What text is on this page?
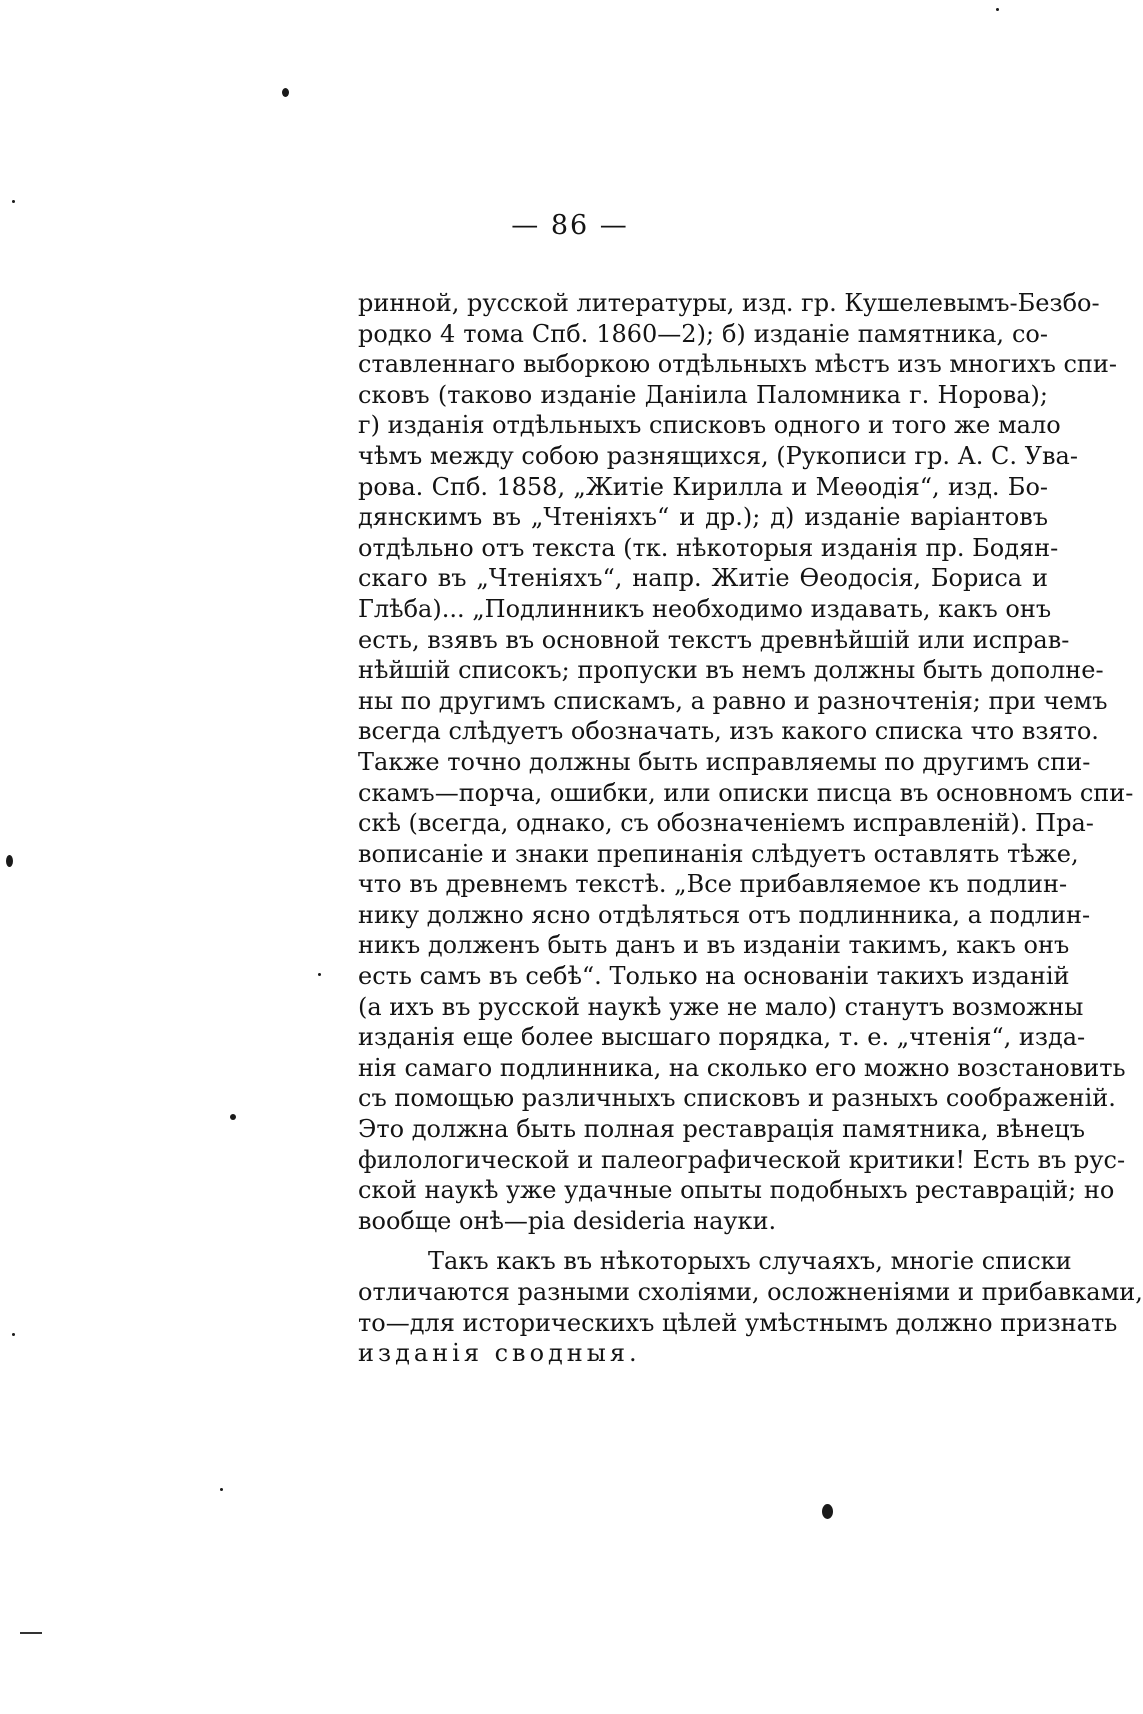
— 86 —
ринной, русской литературы, изд. гр. Кушелевымъ-Безбо-
родко 4 тома Спб. 1860—2); б) изданіе памятника, со-
ставленнаго выборкою отдѣльныхъ мѣстъ изъ многихъ спи-
сковъ (таково изданіе Даніила Паломника г. Норова);
г) изданія отдѣльныхъ списковъ одного и того же мало
чѣмъ между собою разнящихся, (Рукописи гр. А. С. Ува-
рова. Спб. 1858, „Житіе Кирилла и Меѳодія“, изд. Бо-
дянскимъ въ „Чтеніяхъ“ и др.); д) изданіе варіантовъ
отдѣльно отъ текста (тк. нѣкоторыя изданія пр. Бодян-
скаго въ „Чтеніяхъ“, напр. Житіе Ѳеодосія, Бориса и
Глѣба)... „Подлинникъ необходимо издавать, какъ онъ
есть, взявъ въ основной текстъ древнѣйшій или исправ-
нѣйшій списокъ; пропуски въ немъ должны быть дополне-
ны по другимъ спискамъ, а равно и разночтенія; при чемъ
всегда слѣдуетъ обозначать, изъ какого списка что взято.
Также точно должны быть исправляемы по другимъ спи-
скамъ—порча, ошибки, или описки писца въ основномъ спи-
скѣ (всегда, однако, съ обозначеніемъ исправленій). Пра-
вописаніе и знаки препинанія слѣдуетъ оставлять тѣже,
что въ древнемъ текстѣ. „Все прибавляемое къ подлин-
нику должно ясно отдѣляться отъ подлинника, а подлин-
никъ долженъ быть данъ и въ изданіи такимъ, какъ онъ
есть самъ въ себѣ“. Только на основаніи такихъ изданій
(а ихъ въ русской наукѣ уже не мало) станутъ возможны
изданія еще более высшаго порядка, т. е. „чтенія“, изда-
нія самаго подлинника, на сколько его можно возстановить
съ помощью различныхъ списковъ и разныхъ соображеній.
Это должна быть полная реставрація памятника, вѣнецъ
филологической и палеографической критики! Есть въ рус-
ской наукѣ уже удачные опыты подобныхъ реставрацій; но
вообще онѣ—pia desideria науки.
Такъ какъ въ нѣкоторыхъ случаяхъ, многіе списки
отличаются разными схоліями, осложненіями и прибавками,
то—для историческихъ цѣлей умѣстнымъ должно признать
изданія сводныя.
